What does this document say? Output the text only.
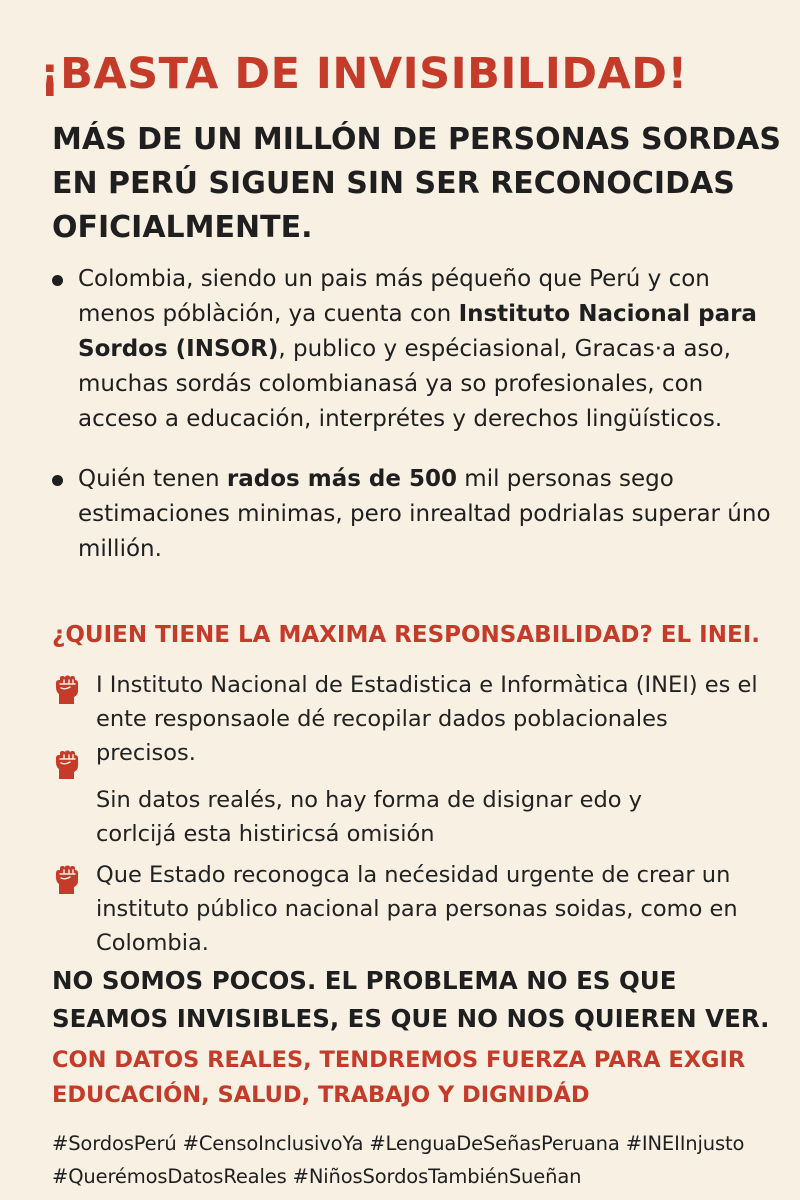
¡BASTA DE INVISIBILIDAD!
MÁS DE UN MILLÓN DE PERSONAS SORDAS EN PERÚ SIGUEN SIN SER RECONOCIDAS OFICIALMENTE.
Colombia, siendo un pais más péqueño que Perú y con menos póblàción, ya cuenta con Instituto Nacional para Sordos (INSOR), publico y espéciasional, Gracas·a aso, muchas sordás colombianasá ya so profesionales, con acceso a educación, interprétes y derechos lingüísticos.
Quién tenen rados más de 500 mil personas sego estimaciones minimas, pero inrealtad podrialas superar úno millión.
¿QUIEN TIENE LA MAXIMA RESPONSABILIDAD? EL INEI.
I Instituto Nacional de Estadistica e Informàtica (INEI) es el ente responsaole dé recopilar dados poblacionales precisos.
Sin datos realés, no hay forma de disignar edo y corlcijá esta histiricsá omisión
Que Estado reconogca la nećesidad urgente de crear un instituto público nacional para personas soidas, como en Colombia.

NO SOMOS POCOS. EL PROBLEMA NO ES QUE SEAMOS INVISIBLES, ES QUE NO NOS QUIEREN VER.

CON DATOS REALES, TENDREMOS FUERZA PARA EXGIR EDUCACIÓN, SALUD, TRABAJO Y DIGNIDÁD

#SordosPerú #CensoInclusivoYa #LenguaDeSeñasPeruana #INEIInjusto
#QuerémosDatosReales #NiñosSordosTambiénSueñan
